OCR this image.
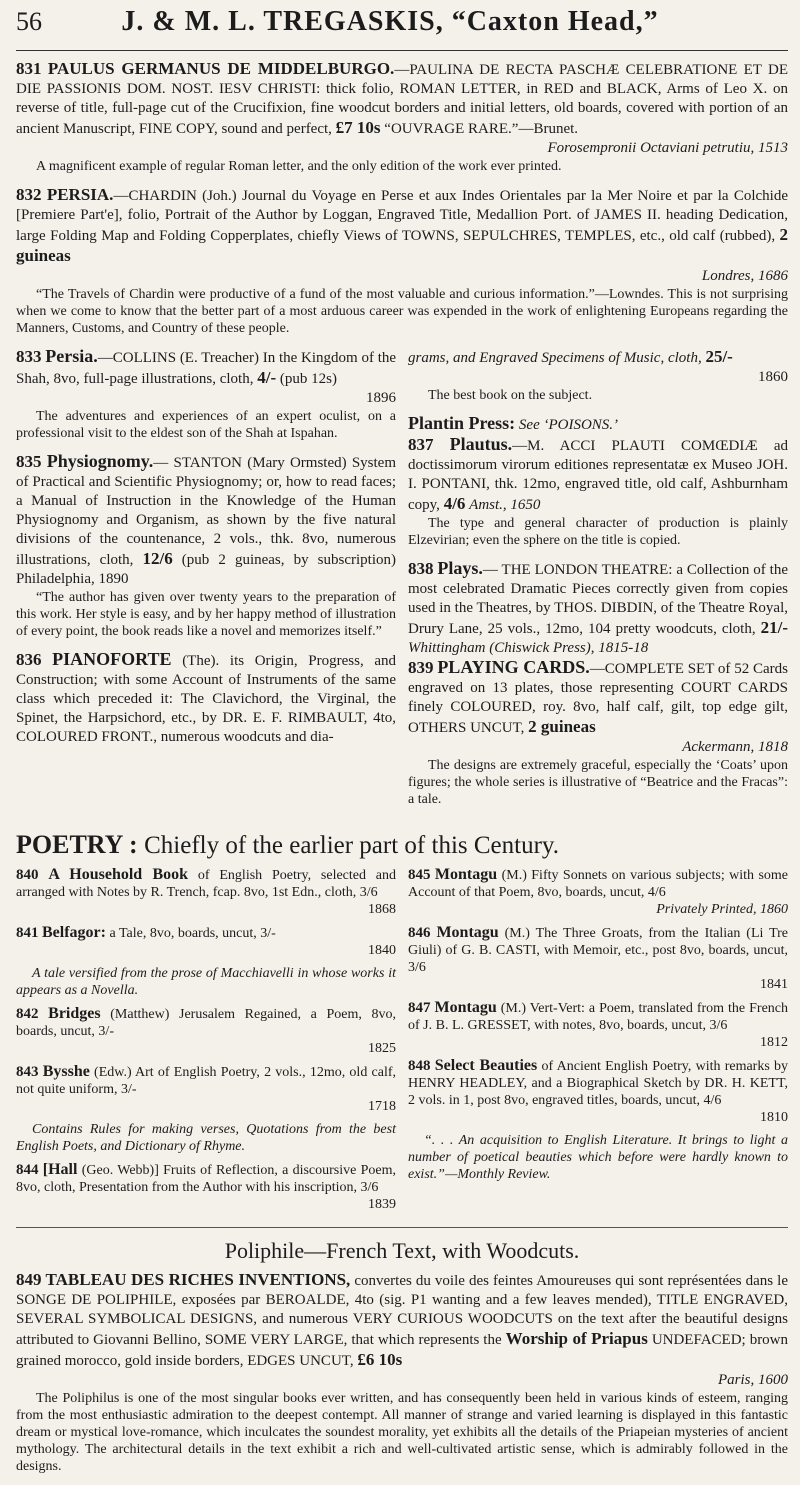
56	J. & M. L. TREGASKIS, “Caxton Head,”

831 PAULUS GERMANUS DE MIDDELBURGO.—PAULINA DE RECTA PASCHÆ CELEBRATIONE ET DE DIE PASSIONIS DOM. NOST. IESV CHRISTI: thick folio, ROMAN LETTER, in RED and BLACK, Arms of Leo X. on reverse of title, full-page cut of the Crucifixion, fine woodcut borders and initial letters, old boards, covered with portion of an ancient Manuscript, FINE COPY, sound and perfect, £7 10s “OUVRAGE RARE.”—Brunet.
Forosempronii Octaviani petrutiu, 1513

A magnificent example of regular Roman letter, and the only edition of the work ever printed.

832 PERSIA.—CHARDIN (Joh.) Journal du Voyage en Perse et aux Indes Orientales par la Mer Noire et par la Colchide [Premiere Part'e], folio, Portrait of the Author by Loggan, Engraved Title, Medallion Port. of JAMES II. heading Dedication, large Folding Map and Folding Copperplates, chiefly Views of TOWNS, SEPULCHRES, TEMPLES, etc., old calf (rubbed), 2 guineas
Londres, 1686

“The Travels of Chardin were productive of a fund of the most valuable and curious information.”—Lowndes. This is not surprising when we come to know that the better part of a most arduous career was expended in the work of enlightening Europeans regarding the Manners, Customs, and Country of these people.

833 Persia.—COLLINS (E. Treacher) In the Kingdom of the Shah, 8vo, full-page illustrations, cloth, 4/- (pub 12s)
1896

The adventures and experiences of an expert oculist, on a professional visit to the eldest son of the Shah at Ispahan.

835 Physiognomy.— STANTON (Mary Ormsted) System of Practical and Scientific Physiognomy; or, how to read faces; a Manual of Instruction in the Knowledge of the Human Physiognomy and Organism, as shown by the five natural divisions of the countenance, 2 vols., thk. 8vo, numerous illustrations, cloth, 12/6 (pub 2 guineas, by subscription) Philadelphia, 1890

“The author has given over twenty years to the preparation of this work. Her style is easy, and by her happy method of illustration of every point, the book reads like a novel and memorizes itself.”

836 PIANOFORTE (The). its Origin, Progress, and Construction; with some Account of Instruments of the same class which preceded it: The Clavichord, the Virginal, the Spinet, the Harpsichord, etc., by DR. E. F. RIMBAULT, 4to, COLOURED FRONT., numerous woodcuts and dia-

grams, and Engraved Specimens of Music, cloth, 25/-
1860

The best book on the subject.

Plantin Press: See ‘POISONS.’

837 Plautus.—M. ACCI PLAUTI COMŒDIÆ ad doctissimorum virorum editiones representatæ ex Museo JOH. I. PONTANI, thk. 12mo, engraved title, old calf, Ashburnham copy, 4/6 Amst., 1650

The type and general character of production is plainly Elzevirian; even the sphere on the title is copied.

838 Plays.— THE LONDON THEATRE: a Collection of the most celebrated Dramatic Pieces correctly given from copies used in the Theatres, by THOS. DIBDIN, of the Theatre Royal, Drury Lane, 25 vols., 12mo, 104 pretty woodcuts, cloth, 21/- Whittingham (Chiswick Press), 1815-18

839 PLAYING CARDS.—COMPLETE SET of 52 Cards engraved on 13 plates, those representing COURT CARDS finely COLOURED, roy. 8vo, half calf, gilt, top edge gilt, OTHERS UNCUT, 2 guineas
Ackermann, 1818

The designs are extremely graceful, especially the ‘Coats’ upon figures; the whole series is illustrative of “Beatrice and the Fracas”: a tale.

POETRY : Chiefly of the earlier part of this Century.

840 A Household Book of English Poetry, selected and arranged with Notes by R. Trench, fcap. 8vo, 1st Edn., cloth, 3/6
1868

841 Belfagor: a Tale, 8vo, boards, uncut, 3/-
1840

A tale versified from the prose of Macchiavelli in whose works it appears as a Novella.

842 Bridges (Matthew) Jerusalem Regained, a Poem, 8vo, boards, uncut, 3/-
1825

843 Bysshe (Edw.) Art of English Poetry, 2 vols., 12mo, old calf, not quite uniform, 3/-
1718

Contains Rules for making verses, Quotations from the best English Poets, and Dictionary of Rhyme.

844 [Hall (Geo. Webb)] Fruits of Reflection, a discoursive Poem, 8vo, cloth, Presentation from the Author with his inscription, 3/6
1839

845 Montagu (M.) Fifty Sonnets on various subjects; with some Account of that Poem, 8vo, boards, uncut, 4/6
Privately Printed, 1860

846 Montagu (M.) The Three Groats, from the Italian (Li Tre Giuli) of G. B. CASTI, with Memoir, etc., post 8vo, boards, uncut, 3/6
1841

847 Montagu (M.) Vert-Vert: a Poem, translated from the French of J. B. L. GRESSET, with notes, 8vo, boards, uncut, 3/6
1812

848 Select Beauties of Ancient English Poetry, with remarks by HENRY HEADLEY, and a Biographical Sketch by DR. H. KETT, 2 vols. in 1, post 8vo, engraved titles, boards, uncut, 4/6
1810

“. . . An acquisition to English Literature. It brings to light a number of poetical beauties which before were hardly known to exist.”—Monthly Review.

Poliphile—French Text, with Woodcuts.

849 TABLEAU DES RICHES INVENTIONS, convertes du voile des feintes Amoureuses qui sont représentées dans le SONGE DE POLIPHILE, exposées par BEROALDE, 4to (sig. P1 wanting and a few leaves mended), TITLE ENGRAVED, SEVERAL SYMBOLICAL DESIGNS, and numerous VERY CURIOUS WOODCUTS on the text after the beautiful designs attributed to Giovanni Bellino, SOME VERY LARGE, that which represents the Worship of Priapus UNDEFACED; brown grained morocco, gold inside borders, EDGES UNCUT, £6 10s
Paris, 1600

The Poliphilus is one of the most singular books ever written, and has consequently been held in various kinds of esteem, ranging from the most enthusiastic admiration to the deepest contempt. All manner of strange and varied learning is displayed in this fantastic dream or mystical love-romance, which inculcates the soundest morality, yet exhibits all the details of the Priapeian mysteries of ancient mythology. The architectural details in the text exhibit a rich and well-cultivated artistic sense, which is admirably followed in the designs.
